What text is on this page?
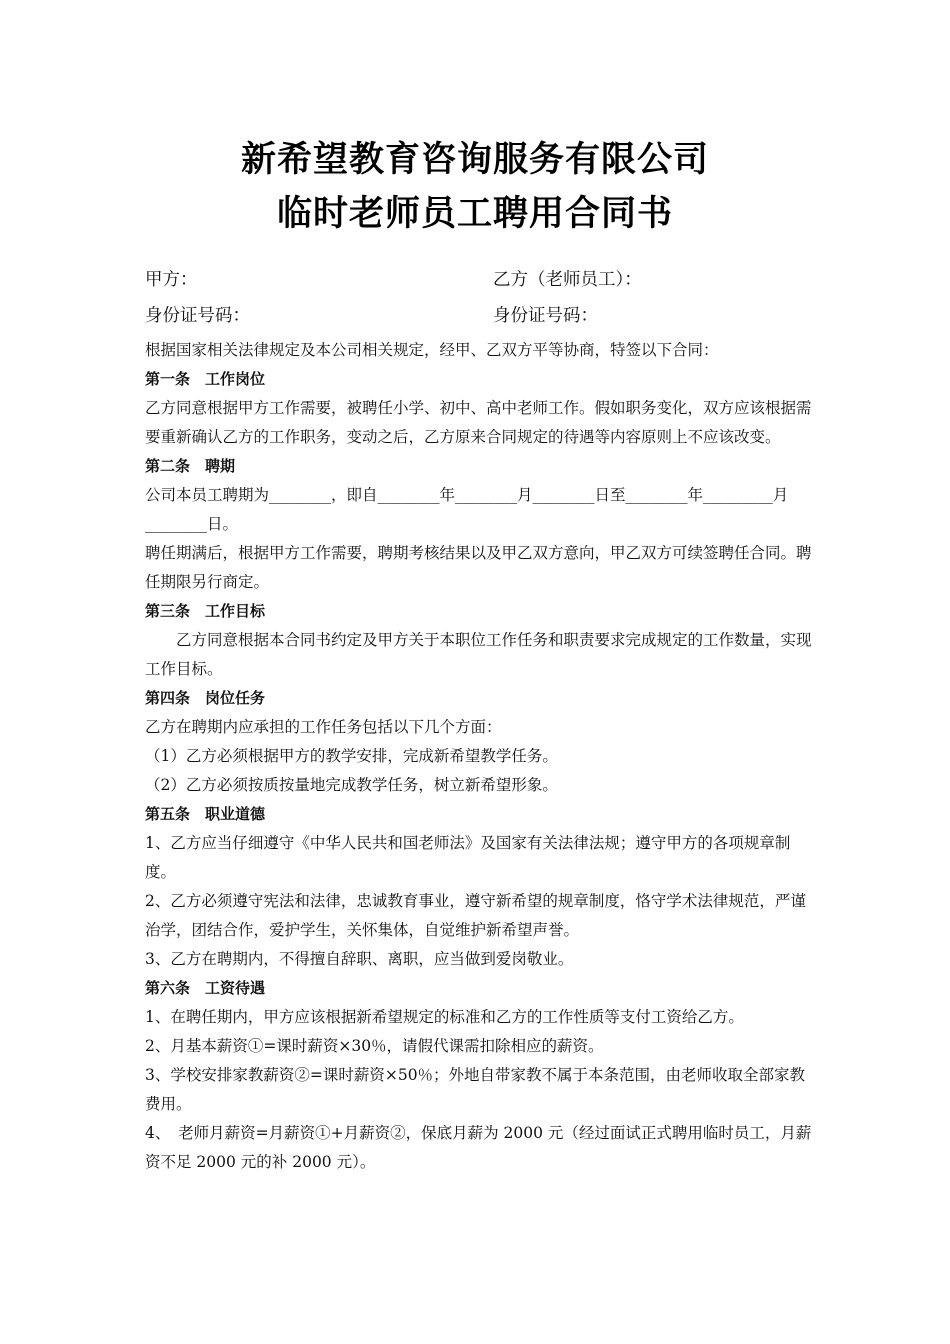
新希望教育咨询服务有限公司
临时老师员工聘用合同书
甲方：	乙方（老师员工）：
身份证号码：	身份证号码：

根据国家相关法律规定及本公司相关规定，经甲、乙双方平等协商，特签以下合同：

第一条　工作岗位

乙方同意根据甲方工作需要，被聘任小学、初中、高中老师工作。假如职务变化，双方应该根据需要重新确认乙方的工作职务，变动之后，乙方原来合同规定的待遇等内容原则上不应该改变。

第二条　聘期

公司本员工聘期为________，即自________年________月________日至________年_________月________日。

聘任期满后，根据甲方工作需要，聘期考核结果以及甲乙双方意向，甲乙双方可续签聘任合同。聘任期限另行商定。

第三条　工作目标

乙方同意根据本合同书约定及甲方关于本职位工作任务和职责要求完成规定的工作数量，实现工作目标。

第四条　岗位任务

乙方在聘期内应承担的工作任务包括以下几个方面：

（1）乙方必须根据甲方的教学安排，完成新希望教学任务。

（2）乙方必须按质按量地完成教学任务，树立新希望形象。

第五条　职业道德

1、乙方应当仔细遵守《中华人民共和国老师法》及国家有关法律法规；遵守甲方的各项规章制度。

2、乙方必须遵守宪法和法律，忠诚教育事业，遵守新希望的规章制度，恪守学术法律规范，严谨治学，团结合作，爱护学生，关怀集体，自觉维护新希望声誉。

3、乙方在聘期内，不得擅自辞职、离职，应当做到爱岗敬业。

第六条　工资待遇

1、在聘任期内，甲方应该根据新希望规定的标准和乙方的工作性质等支付工资给乙方。

2、月基本薪资①=课时薪资×30％，请假代课需扣除相应的薪资。

3、学校安排家教薪资②=课时薪资×50％；外地自带家教不属于本条范围，由老师收取全部家教费用。

4、　老师月薪资=月薪资①+月薪资②，保底月薪为 2000 元（经过面试正式聘用临时员工，月薪资不足 2000 元的补 2000 元）。
